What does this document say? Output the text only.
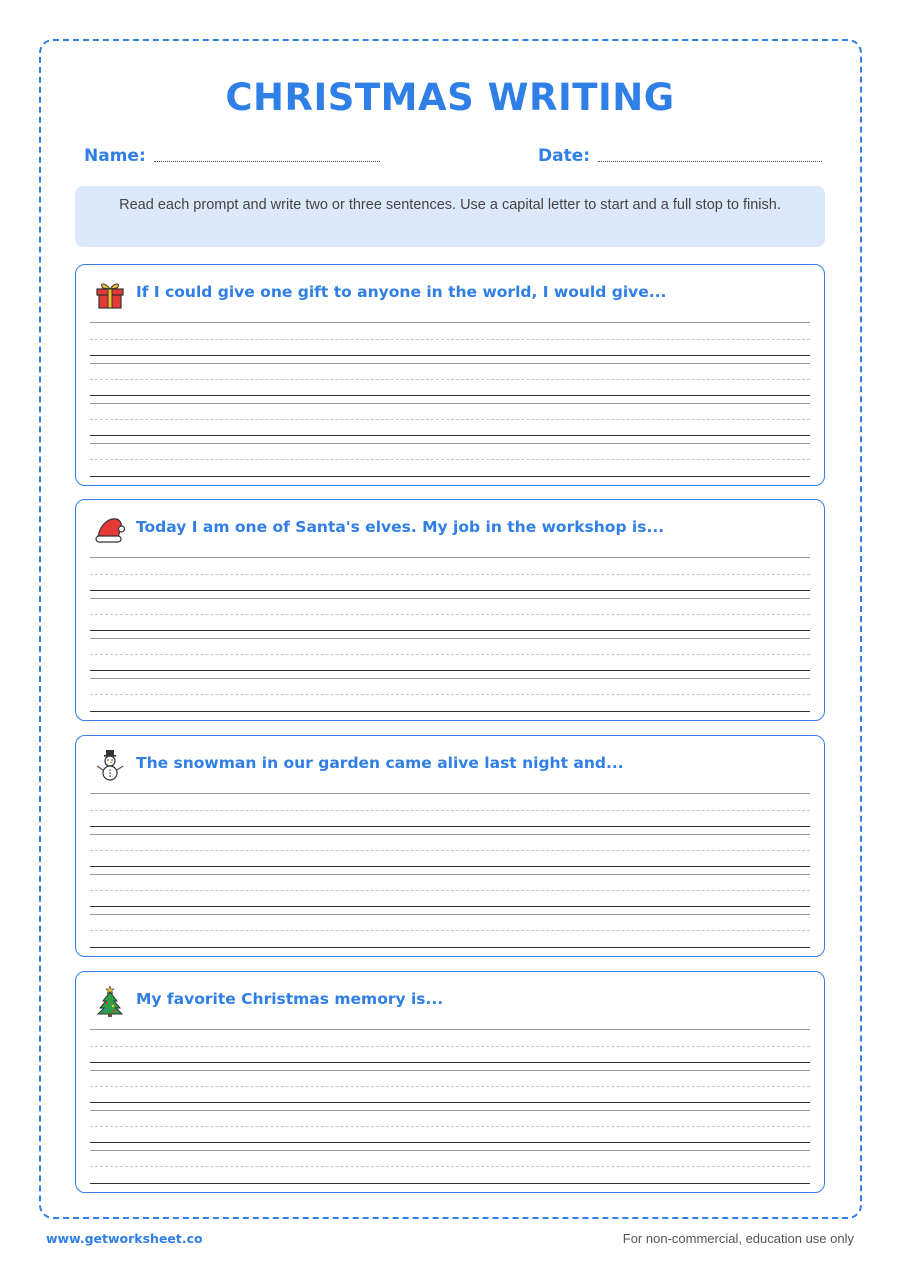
CHRISTMAS WRITING
Name:	Date:
Read each prompt and write two or three sentences. Use a capital letter to start and a full stop to finish.
If I could give one gift to anyone in the world, I would give...
Today I am one of Santa's elves. My job in the workshop is...
The snowman in our garden came alive last night and...
My favorite Christmas memory is...
www.getworksheet.co	For non-commercial, education use only
